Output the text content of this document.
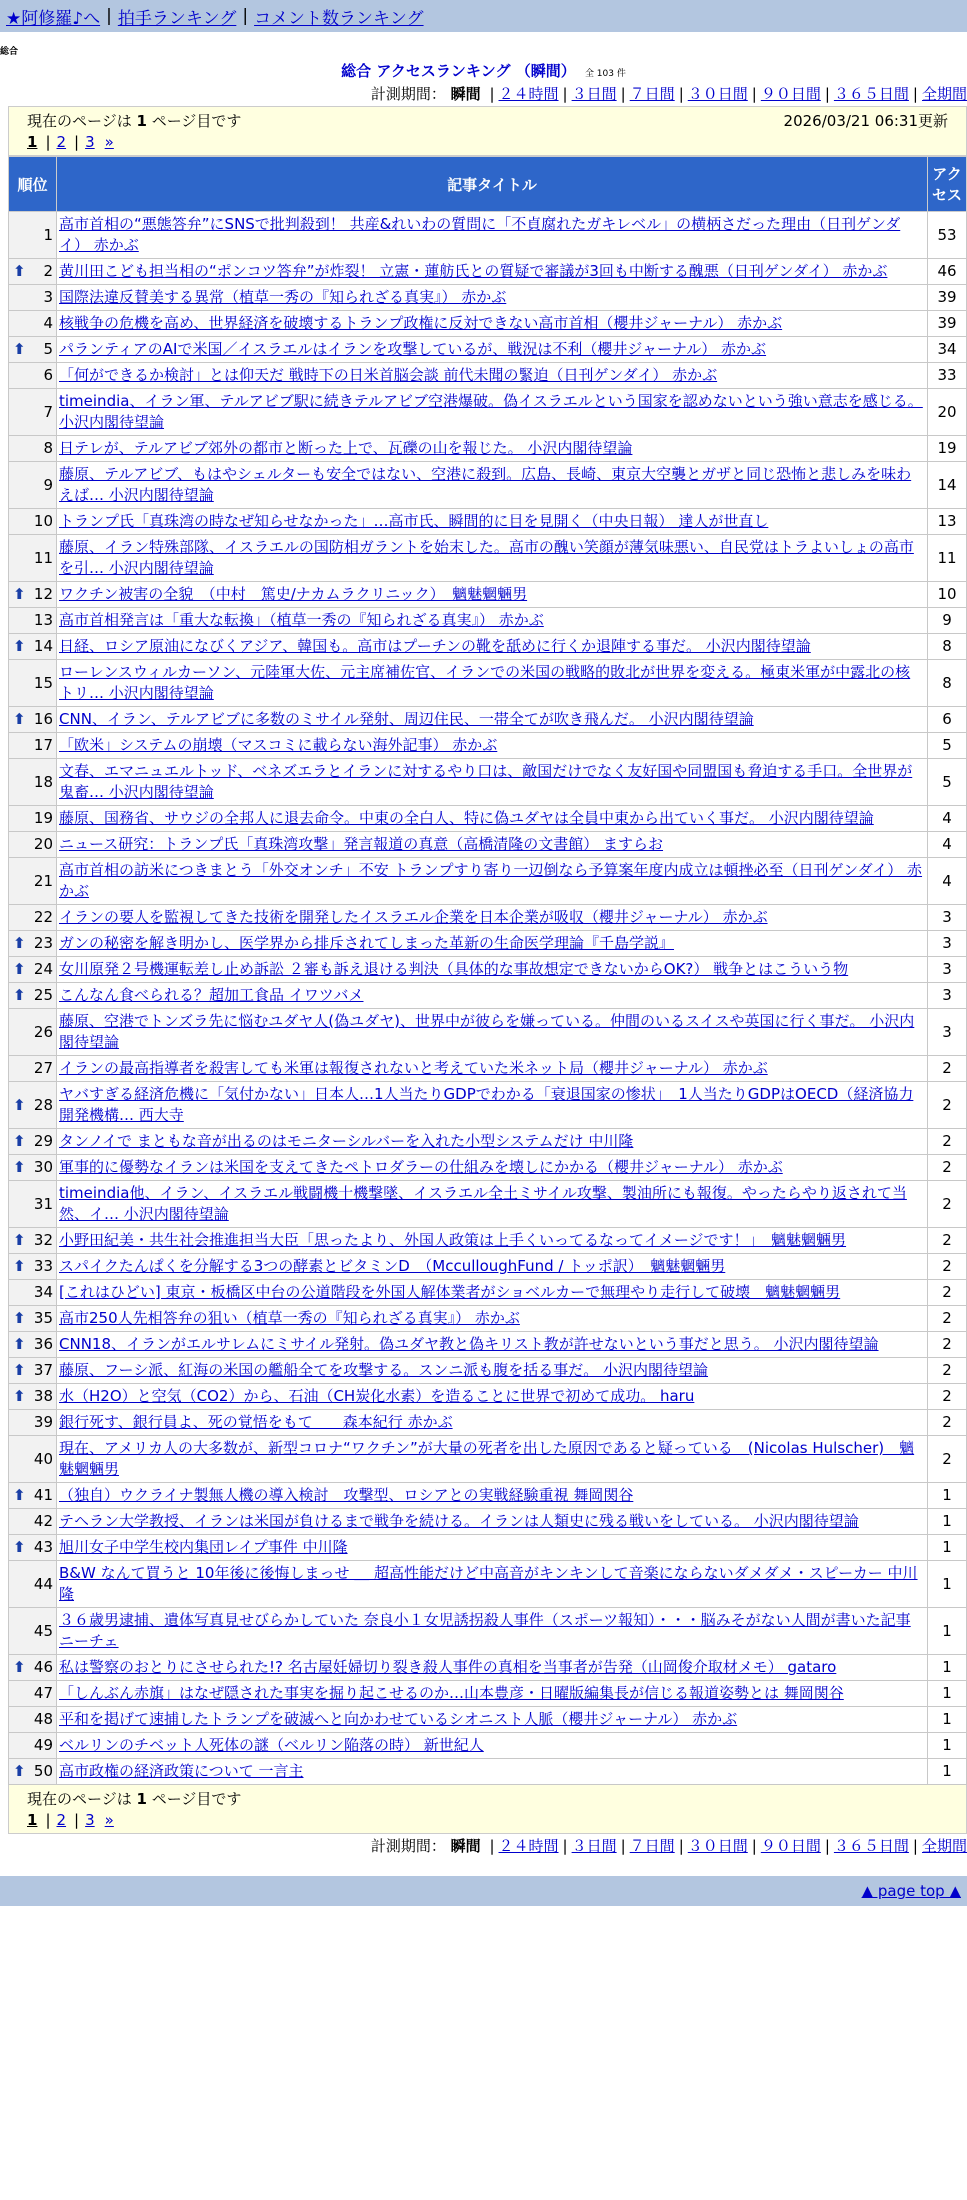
★阿修羅♪へ | 拍手ランキング | コメント数ランキング
総合
総合 アクセスランキング （瞬間） 全 103 件
計測期間： 瞬間 | ２４時間 | ３日間 | ７日間 | ３０日間 | ９０日間 | ３６５日間 | 全期間
現在のページは 1 ページ目です	2026/03/21 06:31更新
1 | 2 | 3 »
順位	記事タイトル	アクセス
1	高市首相の“悪態答弁”にSNSで批判殺到！ 共産&れいわの質問に「不貞腐れたガキレベル」の横柄さだった理由（日刊ゲンダイ） 赤かぶ	53

⬆ 2	黄川田こども担当相の“ポンコツ答弁”が炸裂！ 立憲・蓮舫氏との質疑で審議が3回も中断する醜悪（日刊ゲンダイ） 赤かぶ	46
3	国際法違反賛美する異常（植草一秀の『知られざる真実』） 赤かぶ	39
4	核戦争の危機を高め、世界経済を破壊するトランプ政権に反対できない高市首相（櫻井ジャーナル） 赤かぶ	39

⬆ 5	パランティアのAIで米国／イスラエルはイランを攻撃しているが、戦況は不利（櫻井ジャーナル） 赤かぶ	34
6	「何ができるか検討」とは仰天だ 戦時下の日米首脳会談 前代未聞の緊迫（日刊ゲンダイ） 赤かぶ	33
7	timeindia、イラン軍、テルアビブ駅に続きテルアビブ空港爆破。偽イスラエルという国家を認めないという強い意志を感じる。 小沢内閣待望論	20
8	日テレが、テルアビブ郊外の都市と断った上で、瓦礫の山を報じた。 小沢内閣待望論	19
9	藤原、テルアビブ、もはやシェルターも安全ではない、空港に殺到。広島、長崎、東京大空襲とガザと同じ恐怖と悲しみを味わえば… 小沢内閣待望論	14
10	トランプ氏「真珠湾の時なぜ知らせなかった」…高市氏、瞬間的に目を見開く（中央日報） 達人が世直し	13
11	藤原、イラン特殊部隊、イスラエルの国防相ガラントを始末した。高市の醜い笑顔が薄気味悪い、自民党はトラよいしょの高市を引… 小沢内閣待望論	11

⬆ 12	ワクチン被害の全貌　（中村　篤史/ナカムラクリニック）　魑魅魍魎男	10
13	高市首相発言は「重大な転換」（植草一秀の『知られざる真実』） 赤かぶ	9

⬆ 14	日経、ロシア原油になびくアジア、韓国も。高市はプーチンの靴を舐めに行くか退陣する事だ。 小沢内閣待望論	8
15	ローレンスウィルカーソン、元陸軍大佐、元主席補佐官、イランでの米国の戦略的敗北が世界を変える。極東米軍が中露北の核トリ… 小沢内閣待望論	8

⬆ 16	CNN、イラン、テルアビブに多数のミサイル発射、周辺住民、一帯全てが吹き飛んだ。 小沢内閣待望論	6
17	「欧米」システムの崩壊（マスコミに載らない海外記事） 赤かぶ	5
18	文春、エマニュエルトッド、ベネズエラとイランに対するやり口は、敵国だけでなく友好国や同盟国も脅迫する手口。全世界が鬼畜… 小沢内閣待望論	5
19	藤原、国務省、サウジの全邦人に退去命令。中東の全白人、特に偽ユダヤは全員中東から出ていく事だ。 小沢内閣待望論	4
20	ニュース研究：トランプ氏「真珠湾攻撃」発言報道の真意（高橋清隆の文書館） ますらお	4
21	高市首相の訪米につきまとう「外交オンチ」不安 トランプすり寄り一辺倒なら予算案年度内成立は頓挫必至（日刊ゲンダイ） 赤かぶ	4
22	イランの要人を監視してきた技術を開発したイスラエル企業を日本企業が吸収（櫻井ジャーナル） 赤かぶ	3

⬆ 23	ガンの秘密を解き明かし、医学界から排斥されてしまった革新の生命医学理論『千島学説』	3

⬆ 24	女川原発２号機運転差し止め訴訟 ２審も訴え退ける判決（具体的な事故想定できないからOK?） 戦争とはこういう物	3

⬆ 25	こんなん食べられる？超加工食品 イワツバメ	3
26	藤原、空港でトンズラ先に悩むユダヤ人(偽ユダヤ)、世界中が彼らを嫌っている。仲間のいるスイスや英国に行く事だ。 小沢内閣待望論	3
27	イランの最高指導者を殺害しても米軍は報復されないと考えていた米ネット局（櫻井ジャーナル） 赤かぶ	2

⬆ 28	ヤバすぎる経済危機に「気付かない」日本人…1人当たりGDPでわかる「衰退国家の惨状」　1人当たりGDPはOECD（経済協力開発機構… 西大寺	2

⬆ 29	タンノイで まともな音が出るのはモニターシルバーを入れた小型システムだけ 中川隆	2

⬆ 30	軍事的に優勢なイランは米国を支えてきたペトロダラーの仕組みを壊しにかかる（櫻井ジャーナル） 赤かぶ	2
31	timeindia他、イラン、イスラエル戦闘機十機撃墜、イスラエル全土ミサイル攻撃、製油所にも報復。やったらやり返されて当然、イ… 小沢内閣待望論	2

⬆ 32	小野田紀美・共生社会推進担当大臣「思ったより、外国人政策は上手くいってるなってイメージです！」　魑魅魍魎男	2

⬆ 33	スパイクたんぱくを分解する3つの酵素とビタミンD　（McculloughFund / トッポ訳）　魑魅魍魎男	2
34	[これはひどい] 東京・板橋区中台の公道階段を外国人解体業者がショベルカーで無理やり走行して破壊　魑魅魍魎男	2

⬆ 35	高市250人先相答弁の狙い（植草一秀の『知られざる真実』） 赤かぶ	2

⬆ 36	CNN18、イランがエルサレムにミサイル発射。偽ユダヤ教と偽キリスト教が許せないという事だと思う。 小沢内閣待望論	2

⬆ 37	藤原、フーシ派、紅海の米国の艦船全てを攻撃する。スンニ派も腹を括る事だ。 小沢内閣待望論	2

⬆ 38	水（H2O）と空気（CO2）から、石油（CH炭化水素）を造ることに世界で初めて成功。 haru	2
39	銀行死す、銀行員よ、死の覚悟をもて　　森本紀行 赤かぶ	2
40	現在、アメリカ人の大多数が、新型コロナ“ワクチン”が大量の死者を出した原因であると疑っている　(Nicolas Hulscher)　魑魅魍魎男	2

⬆ 41	（独自）ウクライナ製無人機の導入検討　攻撃型、ロシアとの実戦経験重視 舞岡関谷	1
42	テヘラン大学教授、イランは米国が負けるまで戦争を続ける。イランは人類史に残る戦いをしている。 小沢内閣待望論	1

⬆ 43	旭川女子中学生校内集団レイプ事件 中川隆	1
44	B&W なんて買うと 10年後に後悔しまっせ ＿ 超高性能だけど中高音がキンキンして音楽にならないダメダメ・スピーカー 中川隆	1
45	３６歳男逮捕、遺体写真見せびらかしていた 奈良小１女児誘拐殺人事件（スポーツ報知）・・・脳みそがない人間が書いた記事 ニーチェ	1

⬆ 46	私は警察のおとりにさせられた!? 名古屋妊婦切り裂き殺人事件の真相を当事者が告発（山岡俊介取材メモ） gataro	1
47	「しんぶん赤旗」はなぜ隠された事実を掘り起こせるのか…山本豊彦・日曜版編集長が信じる報道姿勢とは 舞岡関谷	1
48	平和を掲げて速捕したトランプを破滅へと向かわせているシオニスト人脈（櫻井ジャーナル） 赤かぶ	1
49	ベルリンのチベット人死体の謎（ベルリン陥落の時） 新世紀人	1

⬆ 50	高市政権の経済政策について 一言主	1
現在のページは 1 ページ目です
1 | 2 | 3 »
計測期間： 瞬間 | ２４時間 | ３日間 | ７日間 | ３０日間 | ９０日間 | ３６５日間 | 全期間
▲ page top ▲
